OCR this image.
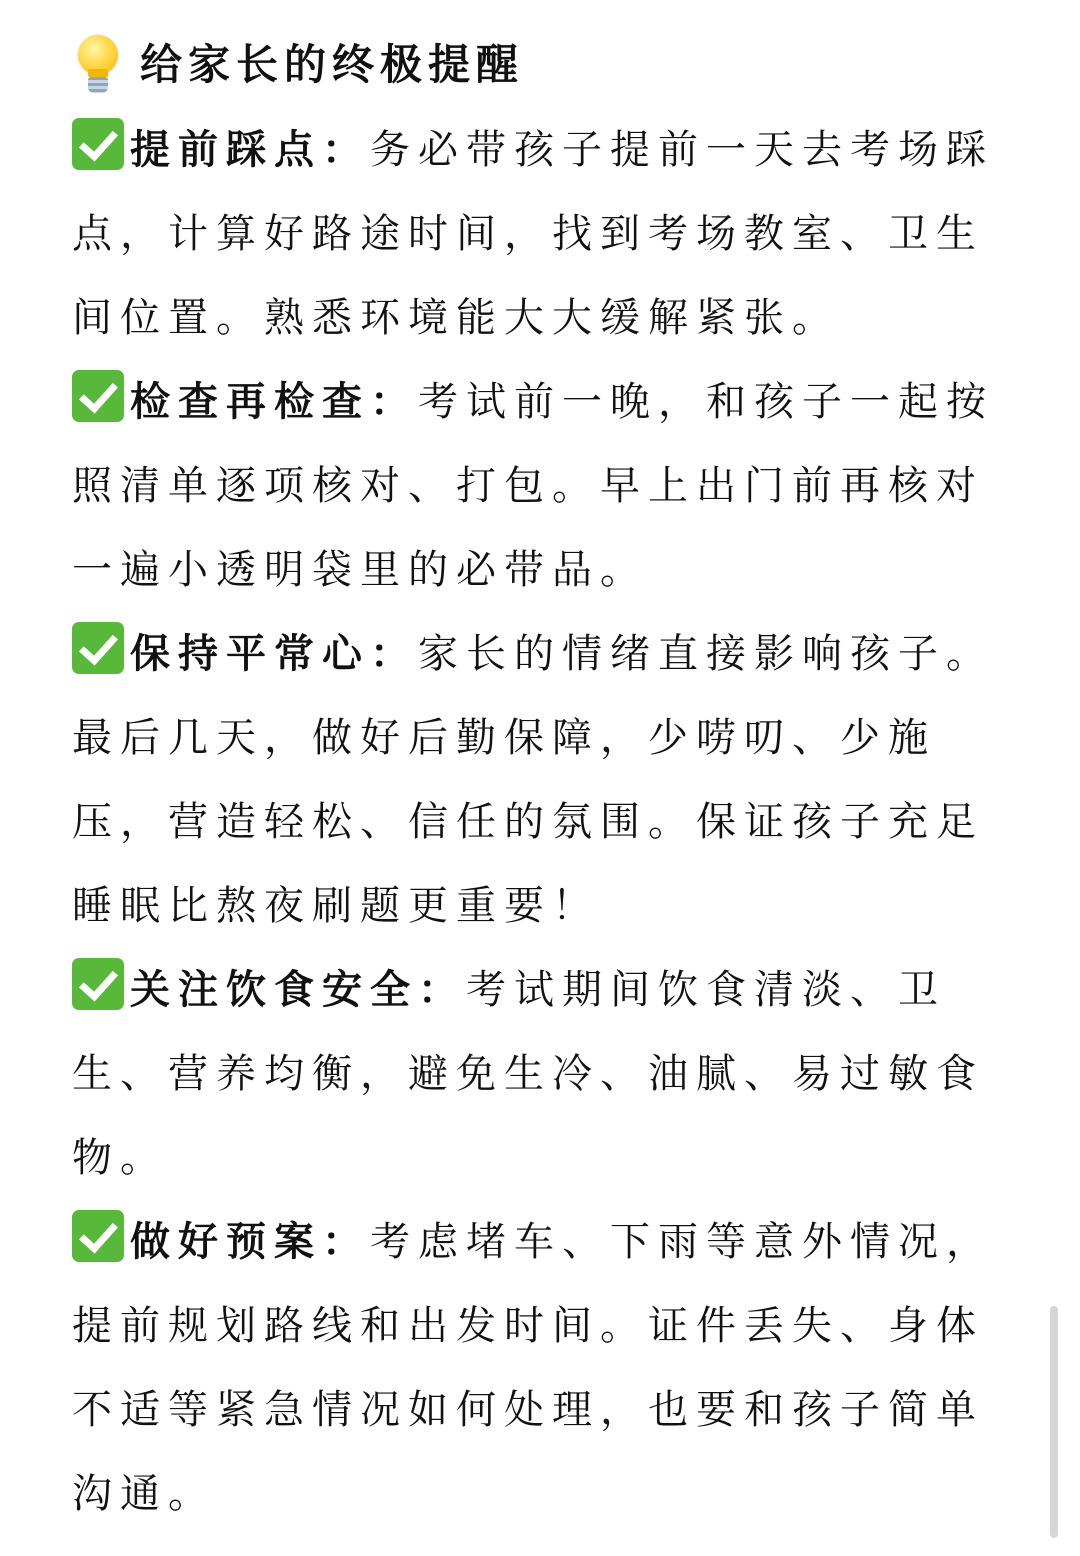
给家长的终极提醒

提前踩点：务必带孩子提前一天去考场踩点，计算好路途时间，找到考场教室、卫生间位置。熟悉环境能大大缓解紧张。

检查再检查：考试前一晚，和孩子一起按照清单逐项核对、打包。早上出门前再核对一遍小透明袋里的必带品。

保持平常心：家长的情绪直接影响孩子。最后几天，做好后勤保障，少唠叨、少施压，营造轻松、信任的氛围。保证孩子充足睡眠比熬夜刷题更重要！

关注饮食安全：考试期间饮食清淡、卫生、营养均衡，避免生冷、油腻、易过敏食物。

做好预案：考虑堵车、下雨等意外情况，提前规划路线和出发时间。证件丢失、身体不适等紧急情况如何处理，也要和孩子简单沟通。
